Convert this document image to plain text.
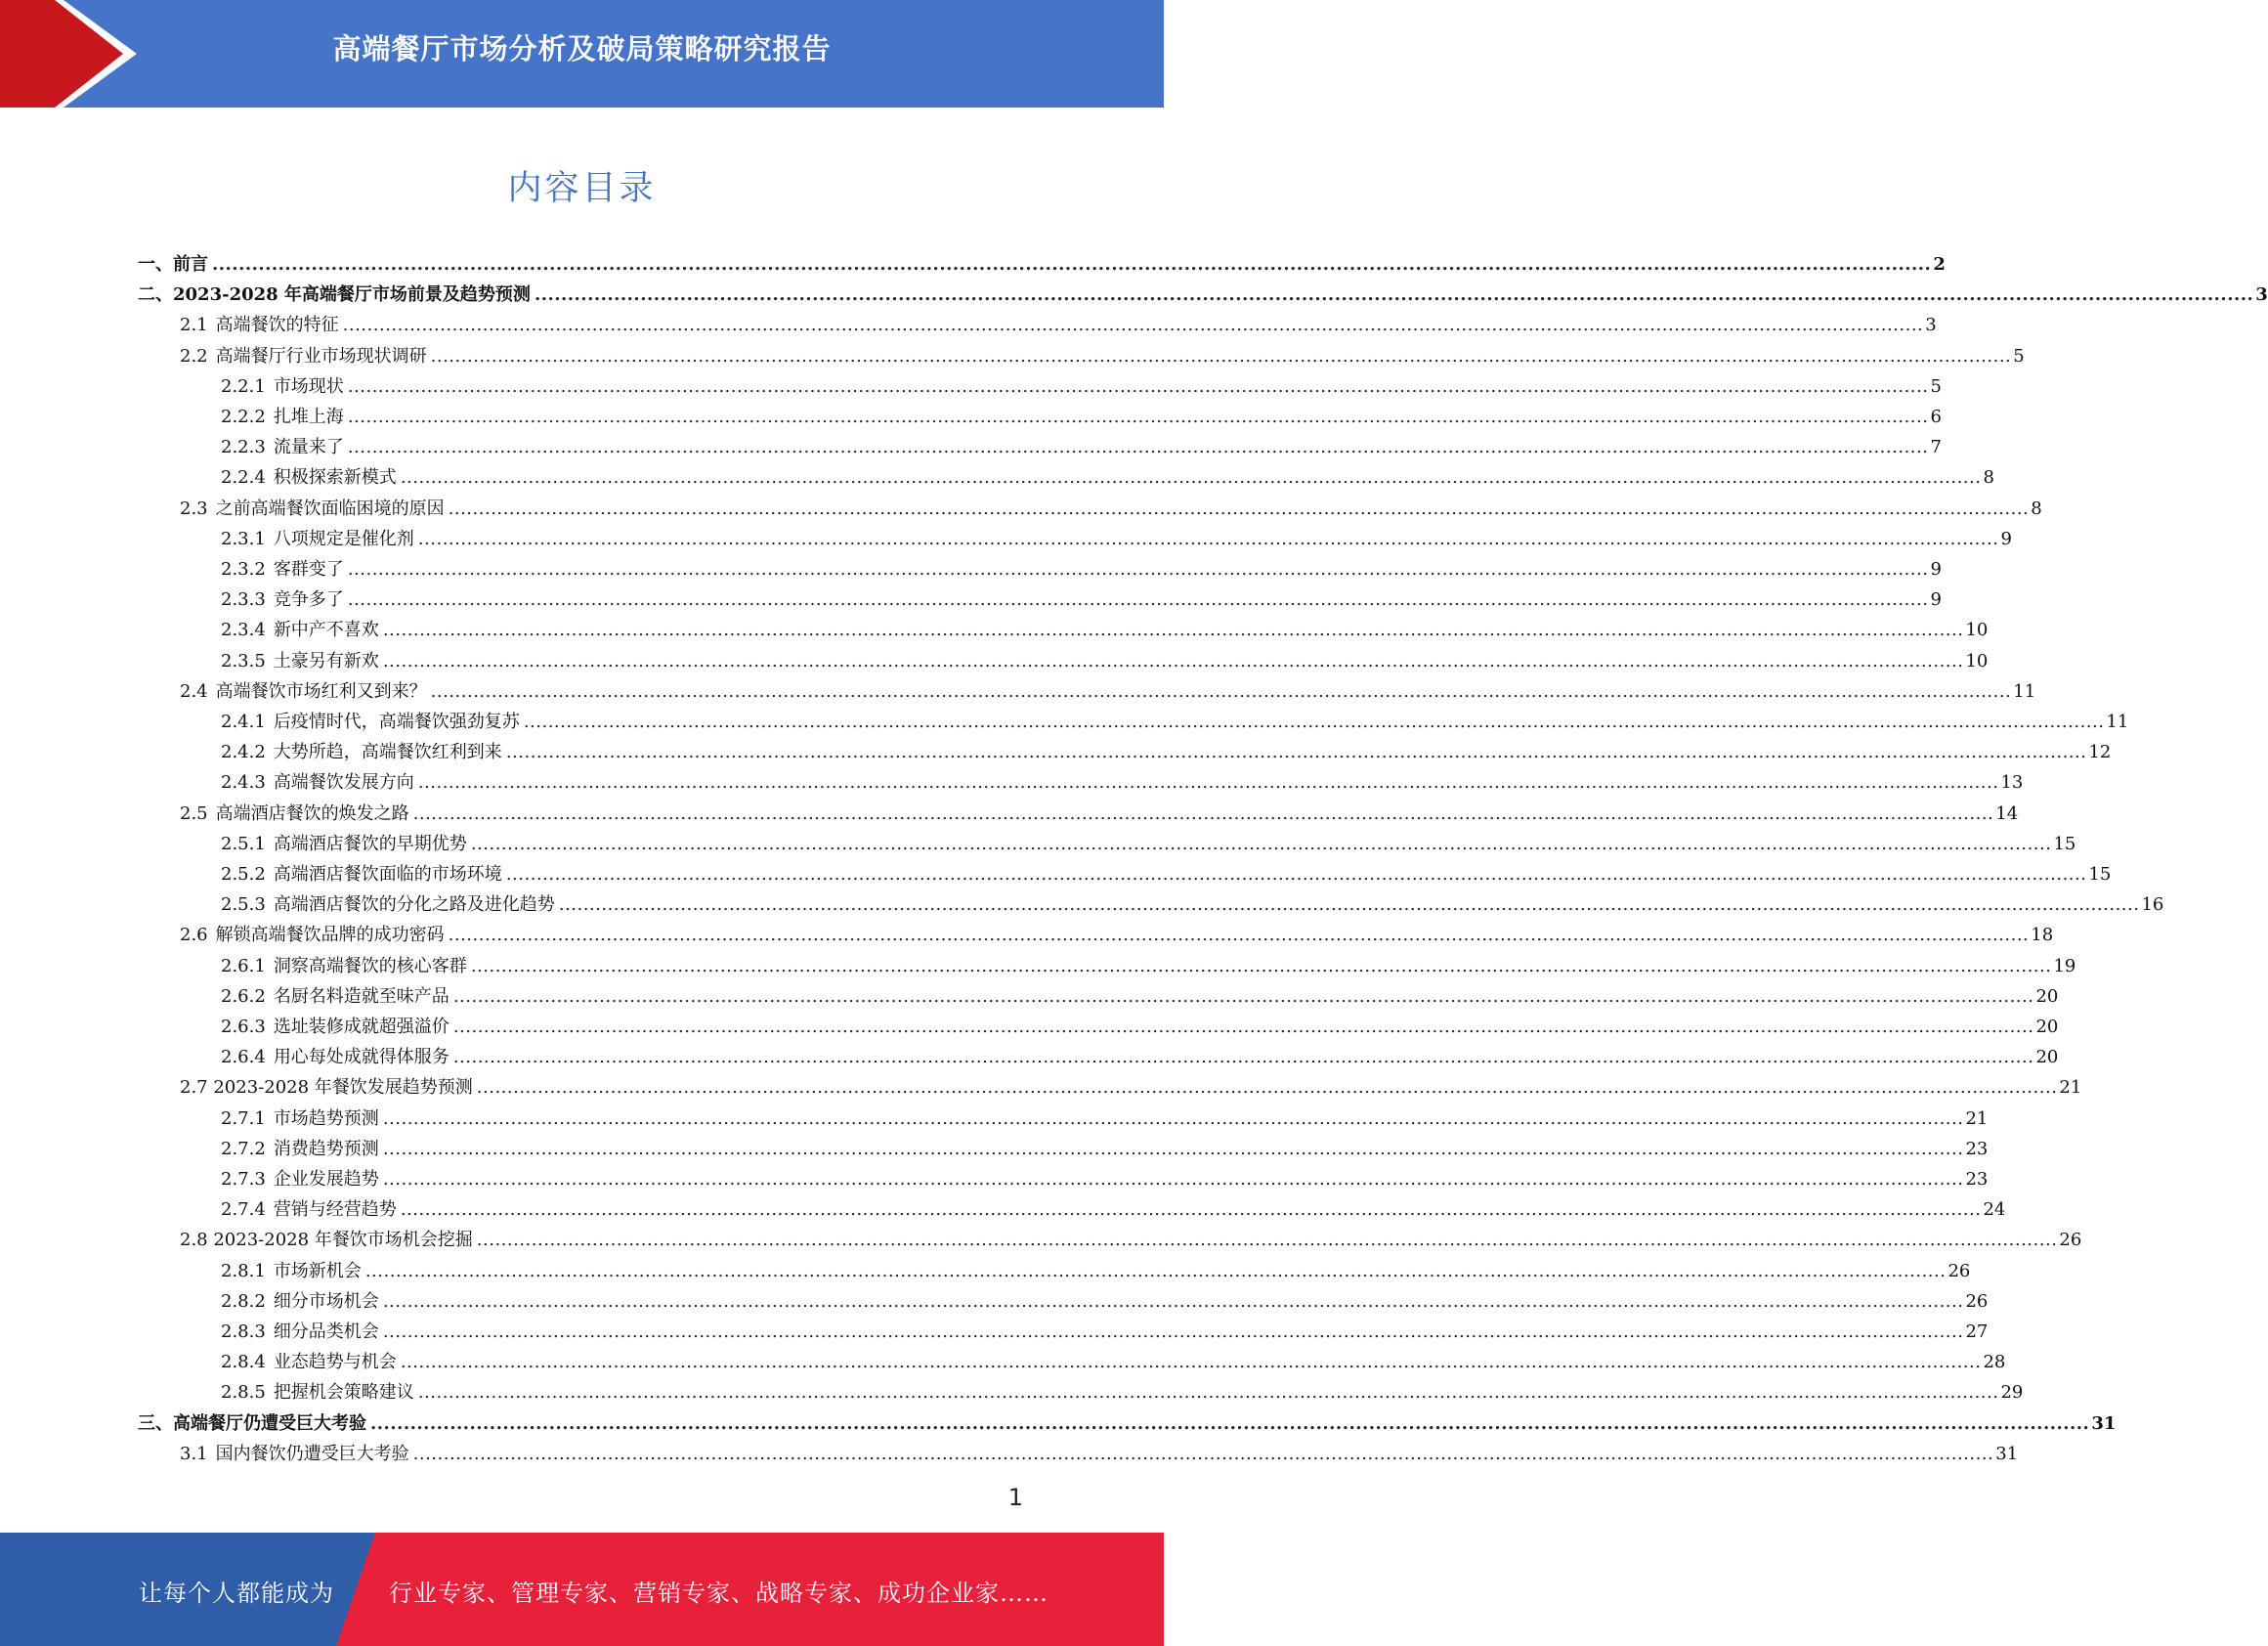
高端餐厅市场分析及破局策略研究报告
内容目录
一、前言 .................................................................................................................................................................................................................................................................... 2
二、2023-2028 年高端餐厅市场前景及趋势预测 .................................................................................................................................................................................................................................................................... 3
2.1 高端餐饮的特征 .................................................................................................................................................................................................................................................................... 3
2.2 高端餐厅行业市场现状调研 .................................................................................................................................................................................................................................................................... 5
2.2.1 市场现状 .................................................................................................................................................................................................................................................................... 5
2.2.2 扎堆上海 .................................................................................................................................................................................................................................................................... 6
2.2.3 流量来了 .................................................................................................................................................................................................................................................................... 7
2.2.4 积极探索新模式 .................................................................................................................................................................................................................................................................... 8
2.3 之前高端餐饮面临困境的原因 .................................................................................................................................................................................................................................................................... 8
2.3.1 八项规定是催化剂 .................................................................................................................................................................................................................................................................... 9
2.3.2 客群变了 .................................................................................................................................................................................................................................................................... 9
2.3.3 竞争多了 .................................................................................................................................................................................................................................................................... 9
2.3.4 新中产不喜欢 .................................................................................................................................................................................................................................................................... 10
2.3.5 土豪另有新欢 .................................................................................................................................................................................................................................................................... 10
2.4 高端餐饮市场红利又到来？ .................................................................................................................................................................................................................................................................... 11
2.4.1 后疫情时代，高端餐饮强劲复苏 .................................................................................................................................................................................................................................................................... 11
2.4.2 大势所趋，高端餐饮红利到来 .................................................................................................................................................................................................................................................................... 12
2.4.3 高端餐饮发展方向 .................................................................................................................................................................................................................................................................... 13
2.5 高端酒店餐饮的焕发之路 .................................................................................................................................................................................................................................................................... 14
2.5.1 高端酒店餐饮的早期优势 .................................................................................................................................................................................................................................................................... 15
2.5.2 高端酒店餐饮面临的市场环境 .................................................................................................................................................................................................................................................................... 15
2.5.3 高端酒店餐饮的分化之路及进化趋势 .................................................................................................................................................................................................................................................................... 16
2.6 解锁高端餐饮品牌的成功密码 .................................................................................................................................................................................................................................................................... 18
2.6.1 洞察高端餐饮的核心客群 .................................................................................................................................................................................................................................................................... 19
2.6.2 名厨名料造就至味产品 .................................................................................................................................................................................................................................................................... 20
2.6.3 选址装修成就超强溢价 .................................................................................................................................................................................................................................................................... 20
2.6.4 用心每处成就得体服务 .................................................................................................................................................................................................................................................................... 20
2.7 2023-2028 年餐饮发展趋势预测 .................................................................................................................................................................................................................................................................... 21
2.7.1 市场趋势预测 .................................................................................................................................................................................................................................................................... 21
2.7.2 消费趋势预测 .................................................................................................................................................................................................................................................................... 23
2.7.3 企业发展趋势 .................................................................................................................................................................................................................................................................... 23
2.7.4 营销与经营趋势 .................................................................................................................................................................................................................................................................... 24
2.8 2023-2028 年餐饮市场机会挖掘 .................................................................................................................................................................................................................................................................... 26
2.8.1 市场新机会 .................................................................................................................................................................................................................................................................... 26
2.8.2 细分市场机会 .................................................................................................................................................................................................................................................................... 26
2.8.3 细分品类机会 .................................................................................................................................................................................................................................................................... 27
2.8.4 业态趋势与机会 .................................................................................................................................................................................................................................................................... 28
2.8.5 把握机会策略建议 .................................................................................................................................................................................................................................................................... 29
三、高端餐厅仍遭受巨大考验 .................................................................................................................................................................................................................................................................... 31
3.1 国内餐饮仍遭受巨大考验 .................................................................................................................................................................................................................................................................... 31
1
让每个人都能成为 行业专家、管理专家、营销专家、战略专家、成功企业家……
